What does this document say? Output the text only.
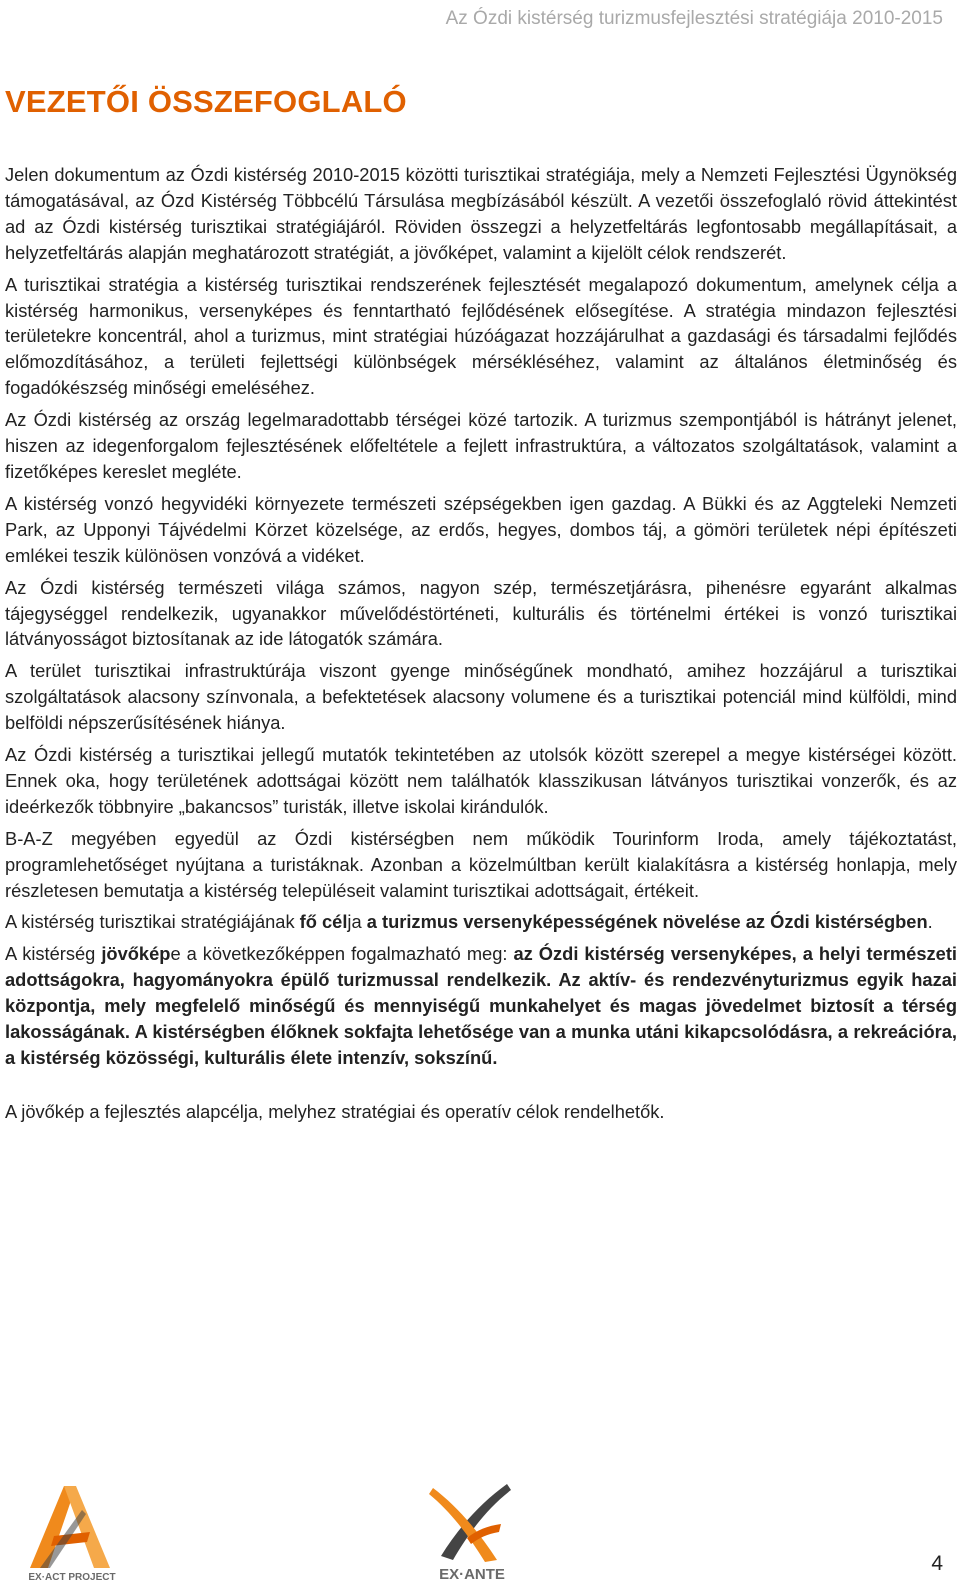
Az Ózdi kistérség turizmusfejlesztési stratégiája 2010-2015
VEZETŐI ÖSSZEFOGLALÓ

Jelen dokumentum az Ózdi kistérség 2010-2015 közötti turisztikai stratégiája, mely a Nemzeti Fejlesztési Ügynökség támogatásával, az Ózd Kistérség Többcélú Társulása megbízásából készült. A vezetői összefoglaló rövid áttekintést ad az Ózdi kistérség turisztikai stratégiájáról. Röviden összegzi a helyzetfeltárás legfontosabb megállapításait, a helyzetfeltárás alapján meghatározott stratégiát, a jövőképet, valamint a kijelölt célok rendszerét.

A turisztikai stratégia a kistérség turisztikai rendszerének fejlesztését megalapozó dokumentum, amelynek célja a kistérség harmonikus, versenyképes és fenntartható fejlődésének elősegítése. A stratégia mindazon fejlesztési területekre koncentrál, ahol a turizmus, mint stratégiai húzóágazat hozzájárulhat a gazdasági és társadalmi fejlődés előmozdításához, a területi fejlettségi különbségek mérsékléséhez, valamint az általános életminőség és fogadókészség minőségi emeléséhez.

Az Ózdi kistérség az ország legelmaradottabb térségei közé tartozik. A turizmus szempontjából is hátrányt jelenet, hiszen az idegenforgalom fejlesztésének előfeltétele a fejlett infrastruktúra, a változatos szolgáltatások, valamint a fizetőképes kereslet megléte.

A kistérség vonzó hegyvidéki környezete természeti szépségekben igen gazdag. A Bükki és az Aggteleki Nemzeti Park, az Upponyi Tájvédelmi Körzet közelsége, az erdős, hegyes, dombos táj, a gömöri területek népi építészeti emlékei teszik különösen vonzóvá a vidéket.

Az Ózdi kistérség természeti világa számos, nagyon szép, természetjárásra, pihenésre egyaránt alkalmas tájegységgel rendelkezik, ugyanakkor művelődéstörténeti, kulturális és történelmi értékei is vonzó turisztikai látványosságot biztosítanak az ide látogatók számára.

A terület turisztikai infrastruktúrája viszont gyenge minőségűnek mondható, amihez hozzájárul a turisztikai szolgáltatások alacsony színvonala, a befektetések alacsony volumene és a turisztikai potenciál mind külföldi, mind belföldi népszerűsítésének hiánya.

Az Ózdi kistérség a turisztikai jellegű mutatók tekintetében az utolsók között szerepel a megye kistérségei között. Ennek oka, hogy területének adottságai között nem találhatók klasszikusan látványos turisztikai vonzerők, és az ideérkezők többnyire „bakancsos” turisták, illetve iskolai kirándulók.

B-A-Z megyében egyedül az Ózdi kistérségben nem működik Tourinform Iroda, amely tájékoztatást, programlehetőséget nyújtana a turistáknak. Azonban a közelmúltban került kialakításra a kistérség honlapja, mely részletesen bemutatja a kistérség településeit valamint turisztikai adottságait, értékeit.

A kistérség turisztikai stratégiájának fő célja a turizmus versenyképességének növelése az Ózdi kistérségben.

A kistérség jövőképe a következőképpen fogalmazható meg: az Ózdi kistérség versenyképes, a helyi természeti adottságokra, hagyományokra épülő turizmussal rendelkezik. Az aktív- és rendezvényturizmus egyik hazai központja, mely megfelelő minőségű és mennyiségű munkahelyet és magas jövedelmet biztosít a térség lakosságának. A kistérségben élőknek sokfajta lehetősége van a munka utáni kikapcsolódásra, a rekreációra, a kistérség közösségi, kulturális élete intenzív, sokszínű.

A jövőkép a fejlesztés alapcélja, melyhez stratégiai és operatív célok rendelhetők.

EX·ACT PROJECT	EX·ANTE	4
